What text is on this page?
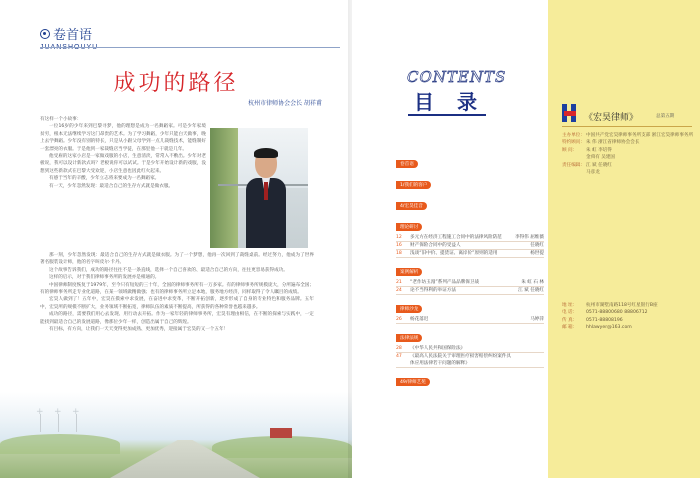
卷首语
成功的路径
杭州市律师协会会长 胡祥甫

有这样一个小故事：

一位16岁的少年来到巴黎寻梦，他的理想是成为一名舞蹈家。可是少年家境贫穷，根本无法继续学习这门昂贵的艺术。为了学习舞蹈，少年只能白天做事，晚上去学舞蹈。少年没有别的特长，只是从小跟父母学到一点儿裁缝技术，能缝制好一套漂亮的衣服。于是他到一家裁缝店当学徒，在那里他一干就是几年。

他受雇的这家小店是一家做戏服的小店，生意清淡，常常入不敷出。少年对老板说，我可以设计新款式吗？老板说你可以试试。于是少年开始设计新的戏服，没想到这些新款式在巴黎大受欢迎，小店生意也因此红火起来。

有感于当年的辛酸，少年立志将来要成为一名舞蹈家。

有一天，少年忽然发现：最适合自己的生存方式就是做衣服。

那一刻，少年忽然发现：最适合自己的生存方式就是做衣服。为了一个梦想，他再一次回到了裁缝桌前。经过努力，他成为了世界著名服装设计师，他的名字叫皮尔·卡丹。

这个故事告诉我们，成功的路径往往不是一条直线，选择一个自己喜欢的、最适合自己的方向，往往更容易获得成功。

这样的启示，对于我们律师事务所的发展亦是相通的。

中国律师制度恢复于1979年，至今只有短短的三十年，全国的律师事务所有一万多家。有的律师事务所规模庞大，分所遍布全国；有的律师事务所走专业化道路，在某一领域做精做强；也有的律师事务所立足本地，服务地方经济，同样取得了令人瞩目的成绩。

宏昊人做到了！五年中，宏昊在摸索中求发展，在奋进中求变革，不断开拓创新，逐步形成了自身的专业特色和服务品牌。五年中，宏昊所的规模不断扩大，业务领域不断拓宽，律师队伍的素质不断提高，所获得的各种荣誉也越来越多。

成功的路径，需要我们用心去发现、用行动去开拓。作为一家年轻的律师事务所，宏昊有理由相信，在不断的探索与实践中，一定能找到最适合自己的发展道路，像那位少年一样，创造出属于自己的辉煌。

有目标，有方向，让我们一天天变得更加成熟、更加优秀，迎接属于宏昊的又一个五年！

+
+
+
CONTENTS
目 录
卷首语
1/我们的客户
4/宏昊佳音
理论研讨
12	多元方在经济工程施工合同中的法律风险防范	李得伟 屈维薇
16	财产保险合同中的受益人	任晓红
18	浅谈“旧中价、提货证、离岸价”原则的适用	杨世提
案例解析
21	“老作坊玉漫”系列产品品牌保卫战	朱 虹 石 林
24	论不当得利的举证方法	江 斌 任晓红
律师沙龙
26	杨花落迟	马婷萍
法律法规
28	《中华人民共和国保险法》
47	《最高人民法院关于审理医疗损害赔偿纠纷案件具体应用法律若干问题的解释》
49/律师艺苑
《宏昊律师》	总第五期
主办单位： 中国共产党宏昊律师事务所支部 浙江宏昊律师事务所
特约顾问： 朱 伟 浙江省律师协会会长
顾 问：	朱 虹 李培得
金舜有 吴建国
责任编辑： 江 斌 任晓红
马彦龙
地 址：	杭州市湖墅南路118号红星银行B座
电 话：	0571-88800680 88806712
传 真：	0571-88808196
邮 箱：	hhlawyer@163.com
